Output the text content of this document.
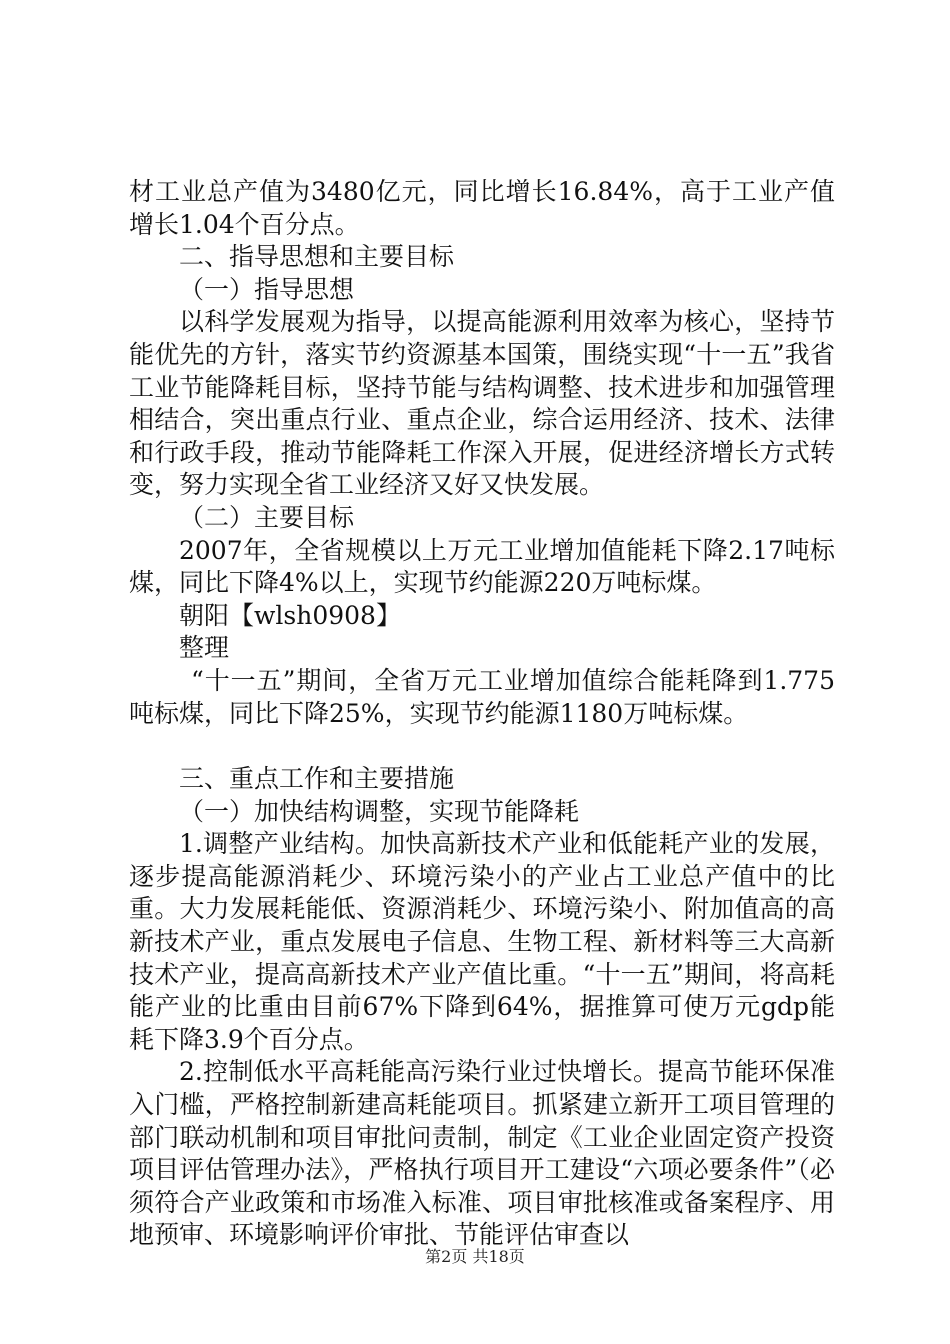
材工业总产值为3480亿元，同比增长16.84%，高于工业产值增长1.04个百分点。

二、指导思想和主要目标

（一）指导思想

以科学发展观为指导，以提高能源利用效率为核心，坚持节能优先的方针，落实节约资源基本国策，围绕实现“十一五”我省工业节能降耗目标，坚持节能与结构调整、技术进步和加强管理相结合，突出重点行业、重点企业，综合运用经济、技术、法律和行政手段，推动节能降耗工作深入开展，促进经济增长方式转变，努力实现全省工业经济又好又快发展。

（二）主要目标

2007年，全省规模以上万元工业增加值能耗下降2.17吨标煤，同比下降4%以上，实现节约能源220万吨标煤。

朝阳【wlsh0908】

整理

“十一五”期间，全省万元工业增加值综合能耗降到1.775吨标煤，同比下降25%，实现节约能源1180万吨标煤。

三、重点工作和主要措施

（一）加快结构调整，实现节能降耗

1.调整产业结构。加快高新技术产业和低能耗产业的发展，逐步提高能源消耗少、环境污染小的产业占工业总产值中的比重。大力发展耗能低、资源消耗少、环境污染小、附加值高的高新技术产业，重点发展电子信息、生物工程、新材料等三大高新技术产业，提高高新技术产业产值比重。“十一五”期间，将高耗能产业的比重由目前67%下降到64%，据推算可使万元gdp能耗下降3.9个百分点。

2.控制低水平高耗能高污染行业过快增长。提高节能环保准入门槛，严格控制新建高耗能项目。抓紧建立新开工项目管理的部门联动机制和项目审批问责制，制定《工业企业固定资产投资项目评估管理办法》，严格执行项目开工建设“六项必要条件”（必须符合产业政策和市场准入标准、项目审批核准或备案程序、用地预审、环境影响评价审批、节能评估审查以

第2页 共18页
